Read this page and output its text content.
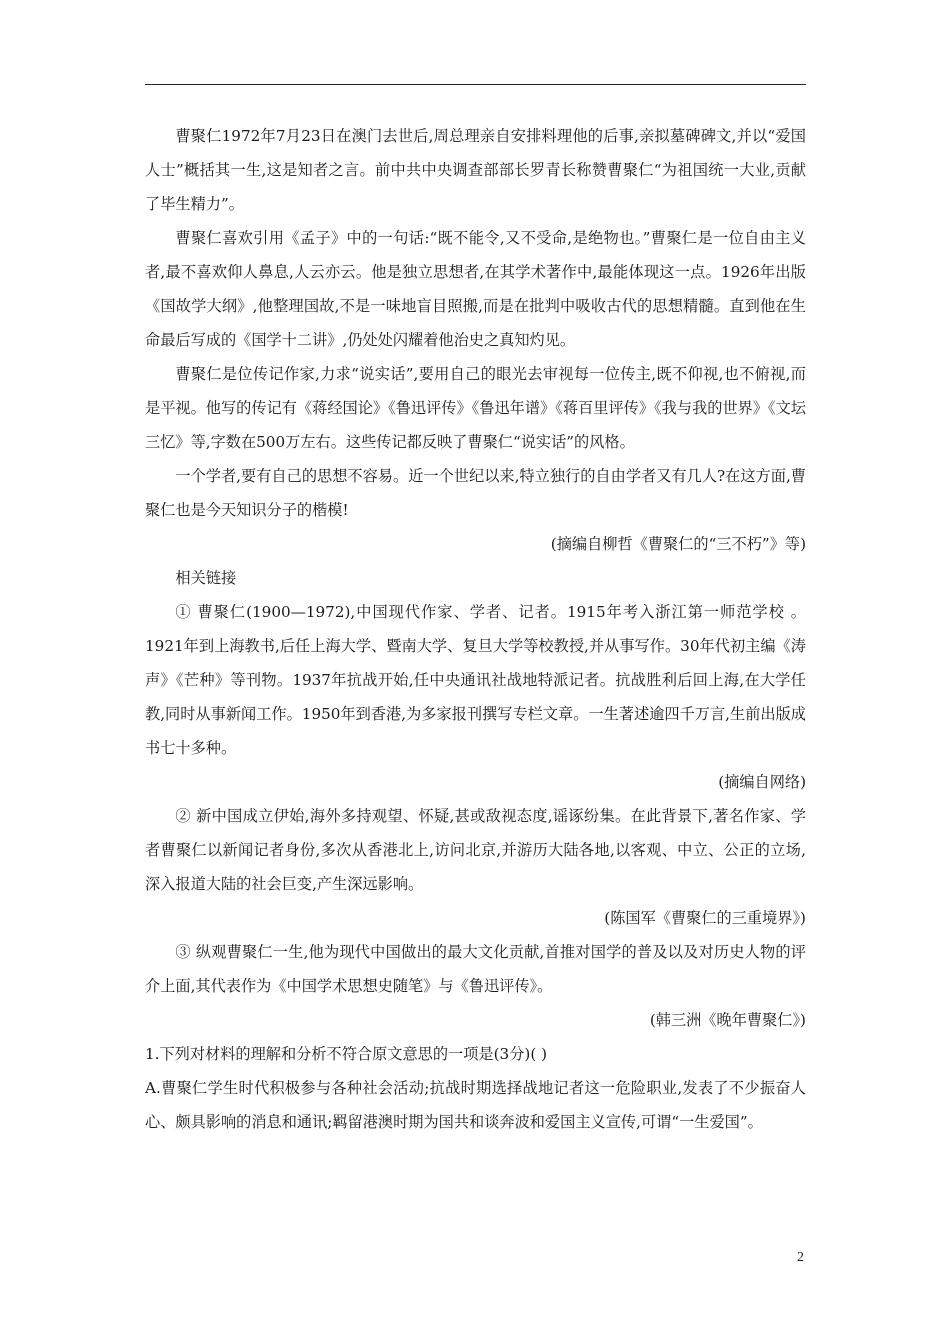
曹聚仁1972年7月23日在澳门去世后,周总理亲自安排料理他的后事,亲拟墓碑碑文,并以“爱国人士”概括其一生,这是知者之言。前中共中央调查部部长罗青长称赞曹聚仁“为祖国统一大业,贡献了毕生精力”。

曹聚仁喜欢引用《孟子》中的一句话:“既不能令,又不受命,是绝物也。”曹聚仁是一位自由主义者,最不喜欢仰人鼻息,人云亦云。他是独立思想者,在其学术著作中,最能体现这一点。1926年出版《国故学大纲》,他整理国故,不是一味地盲目照搬,而是在批判中吸收古代的思想精髓。直到他在生命最后写成的《国学十二讲》,仍处处闪耀着他治史之真知灼见。

曹聚仁是位传记作家,力求“说实话”,要用自己的眼光去审视每一位传主,既不仰视,也不俯视,而是平视。他写的传记有《蒋经国论》《鲁迅评传》《鲁迅年谱》《蒋百里评传》《我与我的世界》《文坛三忆》等,字数在500万左右。这些传记都反映了曹聚仁“说实话”的风格。

一个学者,要有自己的思想不容易。近一个世纪以来,特立独行的自由学者又有几人?在这方面,曹聚仁也是今天知识分子的楷模!

(摘编自柳哲《曹聚仁的“三不朽”》等)

相关链接

① 曹聚仁(1900—1972),中国现代作家、学者、记者。1915年考入浙江第一师范学校 。1921年到上海教书,后任上海大学、暨南大学、复旦大学等校教授,并从事写作。30年代初主编《涛声》《芒种》等刊物。1937年抗战开始,任中央通讯社战地特派记者。抗战胜利后回上海,在大学任教,同时从事新闻工作。1950年到香港,为多家报刊撰写专栏文章。一生著述逾四千万言,生前出版成书七十多种。

(摘编自网络)

② 新中国成立伊始,海外多持观望、怀疑,甚或敌视态度,谣诼纷集。在此背景下,著名作家、学者曹聚仁以新闻记者身份,多次从香港北上,访问北京,并游历大陆各地,以客观、中立、公正的立场,深入报道大陆的社会巨变,产生深远影响。

(陈国军《曹聚仁的三重境界》)

③ 纵观曹聚仁一生,他为现代中国做出的最大文化贡献,首推对国学的普及以及对历史人物的评介上面,其代表作为《中国学术思想史随笔》与《鲁迅评传》。

(韩三洲《晚年曹聚仁》)

1.下列对材料的理解和分析不符合原文意思的一项是(3分)( )

A.曹聚仁学生时代积极参与各种社会活动;抗战时期选择战地记者这一危险职业,发表了不少振奋人心、颇具影响的消息和通讯;羁留港澳时期为国共和谈奔波和爱国主义宣传,可谓“一生爱国”。

2
